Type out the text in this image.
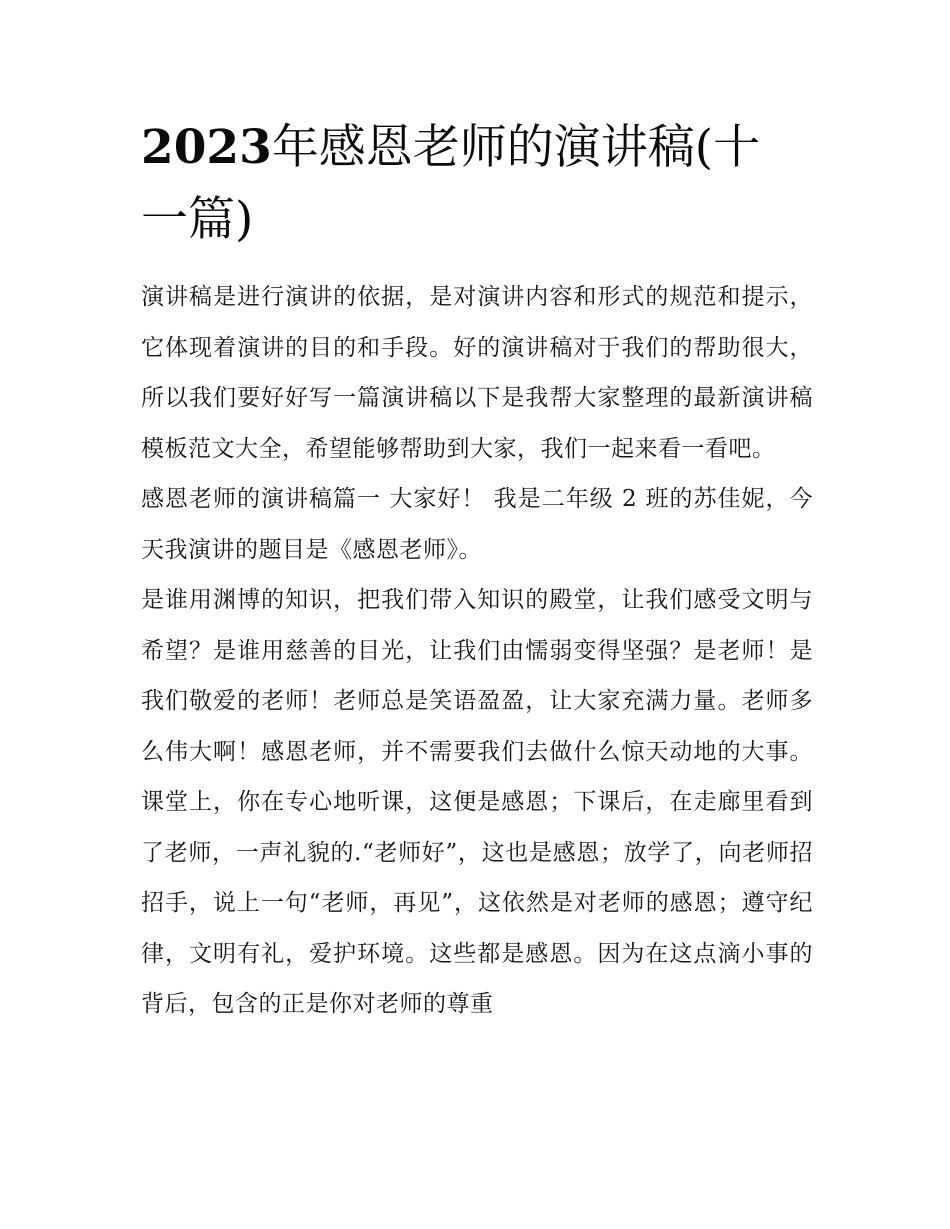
2023年感恩老师的演讲稿(十
一篇)

演讲稿是进行演讲的依据，是对演讲内容和形式的规范和提示，它体现着演讲的目的和手段。好的演讲稿对于我们的帮助很大，所以我们要好好写一篇演讲稿以下是我帮大家整理的最新演讲稿模板范文大全，希望能够帮助到大家，我们一起来看一看吧。

感恩老师的演讲稿篇一 大家好！ 我是二年级 2 班的苏佳妮，今天我演讲的题目是《感恩老师》。

是谁用渊博的知识，把我们带入知识的殿堂，让我们感受文明与希望？是谁用慈善的目光，让我们由懦弱变得坚强？是老师！是我们敬爱的老师！老师总是笑语盈盈，让大家充满力量。老师多么伟大啊！感恩老师，并不需要我们去做什么惊天动地的大事。课堂上，你在专心地听课，这便是感恩；下课后，在走廊里看到了老师，一声礼貌的.“老师好”，这也是感恩；放学了，向老师招招手，说上一句“老师，再见”，这依然是对老师的感恩；遵守纪律，文明有礼，爱护环境。这些都是感恩。因为在这点滴小事的背后，包含的正是你对老师的尊重
